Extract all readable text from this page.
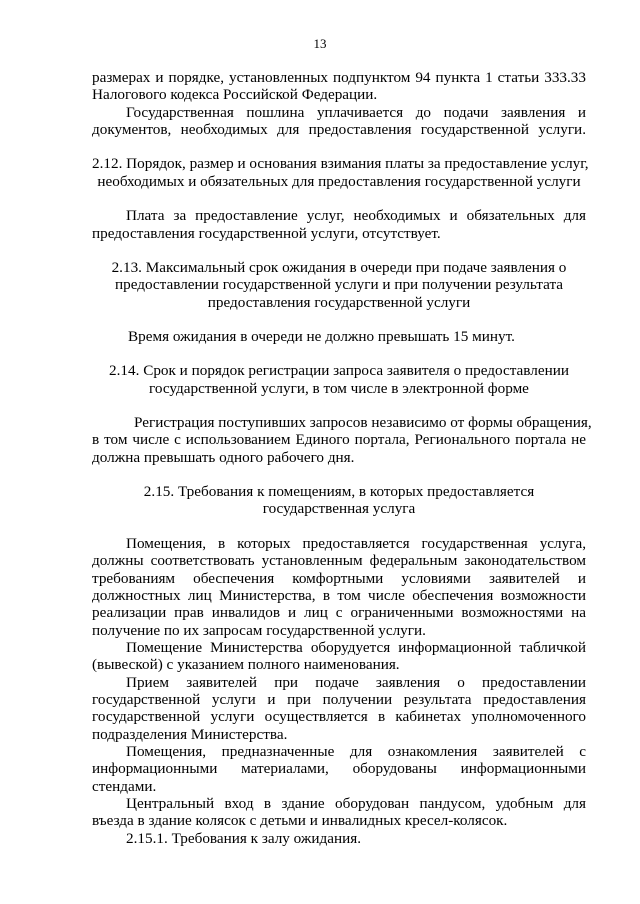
13
размерах и порядке, установленных подпунктом 94 пункта 1 статьи 333.33
Налогового кодекса Российской Федерации.
Государственная пошлина уплачивается до подачи заявления и
документов, необходимых для предоставления государственной услуги.
2.12. Порядок, размер и основания взимания платы за предоставление услуг,
необходимых и обязательных для предоставления государственной услуги
Плата за предоставление услуг, необходимых и обязательных для
предоставления государственной услуги, отсутствует.
2.13. Максимальный срок ожидания в очереди при подаче заявления о
предоставлении государственной услуги и при получении результата
предоставления государственной услуги
Время ожидания в очереди не должно превышать 15 минут.
2.14. Срок и порядок регистрации запроса заявителя о предоставлении
государственной услуги, в том числе в электронной форме
Регистрация поступивших запросов независимо от формы обращения,
в том числе с использованием Единого портала, Регионального портала не
должна превышать одного рабочего дня.
2.15. Требования к помещениям, в которых предоставляется
государственная услуга
Помещения, в которых предоставляется государственная услуга,
должны соответствовать установленным федеральным законодательством
требованиям обеспечения комфортными условиями заявителей и
должностных лиц Министерства, в том числе обеспечения возможности
реализации прав инвалидов и лиц с ограниченными возможностями на
получение по их запросам государственной услуги.
Помещение Министерства оборудуется информационной табличкой
(вывеской) с указанием полного наименования.
Прием заявителей при подаче заявления о предоставлении
государственной услуги и при получении результата предоставления
государственной услуги осуществляется в кабинетах уполномоченного
подразделения Министерства.
Помещения, предназначенные для ознакомления заявителей с
информационными материалами, оборудованы информационными
стендами.
Центральный вход в здание оборудован пандусом, удобным для
въезда в здание колясок с детьми и инвалидных кресел-колясок.
2.15.1. Требования к залу ожидания.
